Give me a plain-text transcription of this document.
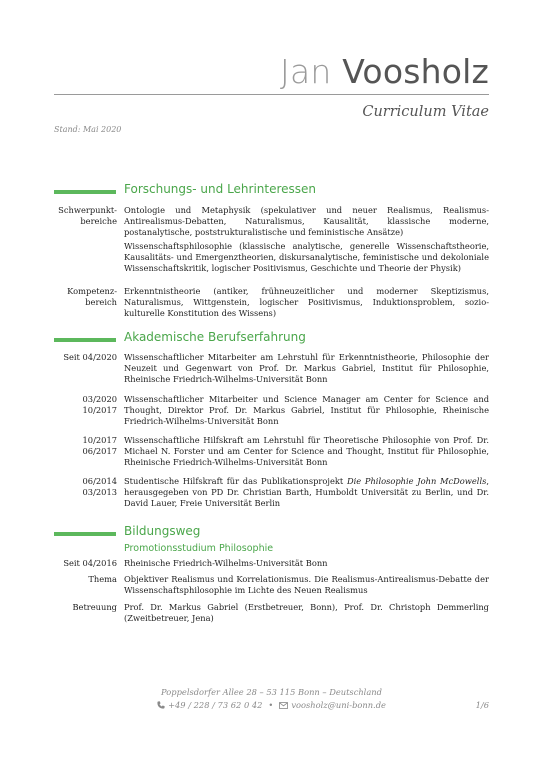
Jan Voosholz
Curriculum Vitae
Stand: Mai 2020
Forschungs- und Lehrinteressen
Schwerpunkt-
bereiche
Ontologie und Metaphysik (spekulativer und neuer Realismus, Realismus-Antirealismus-Debatten, Naturalismus, Kausalität, klassische moderne, postanalytische, poststrukturalistische und feministische Ansätze)
Wissenschaftsphilosophie (klassische analytische, generelle Wissenschaftstheorie, Kausalitäts- und Emergenztheorien, diskursanalytische, feministische und dekoloniale Wissenschaftskritik, logischer Positivismus, Geschichte und Theorie der Physik)
Kompetenz-
bereich
Erkenntnistheorie (antiker, frühneuzeitlicher und moderner Skeptizismus, Naturalismus, Wittgenstein, logischer Positivismus, Induktionsproblem, sozio-kulturelle Konstitution des Wissens)
Akademische Berufserfahrung
Seit 04/2020 Wissenschaftlicher Mitarbeiter am Lehrstuhl für Erkenntnistheorie, Philosophie der Neuzeit und Gegenwart von Prof. Dr. Markus Gabriel, Institut für Philosophie, Rheinische Friedrich-Wilhelms-Universität Bonn
03/2020
10/2017
Wissenschaftlicher Mitarbeiter und Science Manager am Center for Science and Thought, Direktor Prof. Dr. Markus Gabriel, Institut für Philosophie, Rheinische Friedrich-Wilhelms-Universität Bonn
10/2017
06/2017
Wissenschaftliche Hilfskraft am Lehrstuhl für Theoretische Philosophie von Prof. Dr. Michael N. Forster und am Center for Science and Thought, Institut für Philosophie, Rheinische Friedrich-Wilhelms-Universität Bonn
06/2014
03/2013
Studentische Hilfskraft für das Publikationsprojekt Die Philosophie John McDowells, herausgegeben von PD Dr. Christian Barth, Humboldt Universität zu Berlin, und Dr. David Lauer, Freie Universität Berlin
Bildungsweg
Promotionsstudium Philosophie
Seit 04/2016 Rheinische Friedrich-Wilhelms-Universität Bonn
Thema Objektiver Realismus und Korrelationismus. Die Realismus-Antirealismus-Debatte der Wissenschaftsphilosophie im Lichte des Neuen Realismus
Betreuung Prof. Dr. Markus Gabriel (Erstbetreuer, Bonn), Prof. Dr. Christoph Demmerling (Zweitbetreuer, Jena)
Poppelsdorfer Allee 28 – 53 115 Bonn – Deutschland
+49 / 228 / 73 62 0 42 • voosholz@uni-bonn.de	1/6
